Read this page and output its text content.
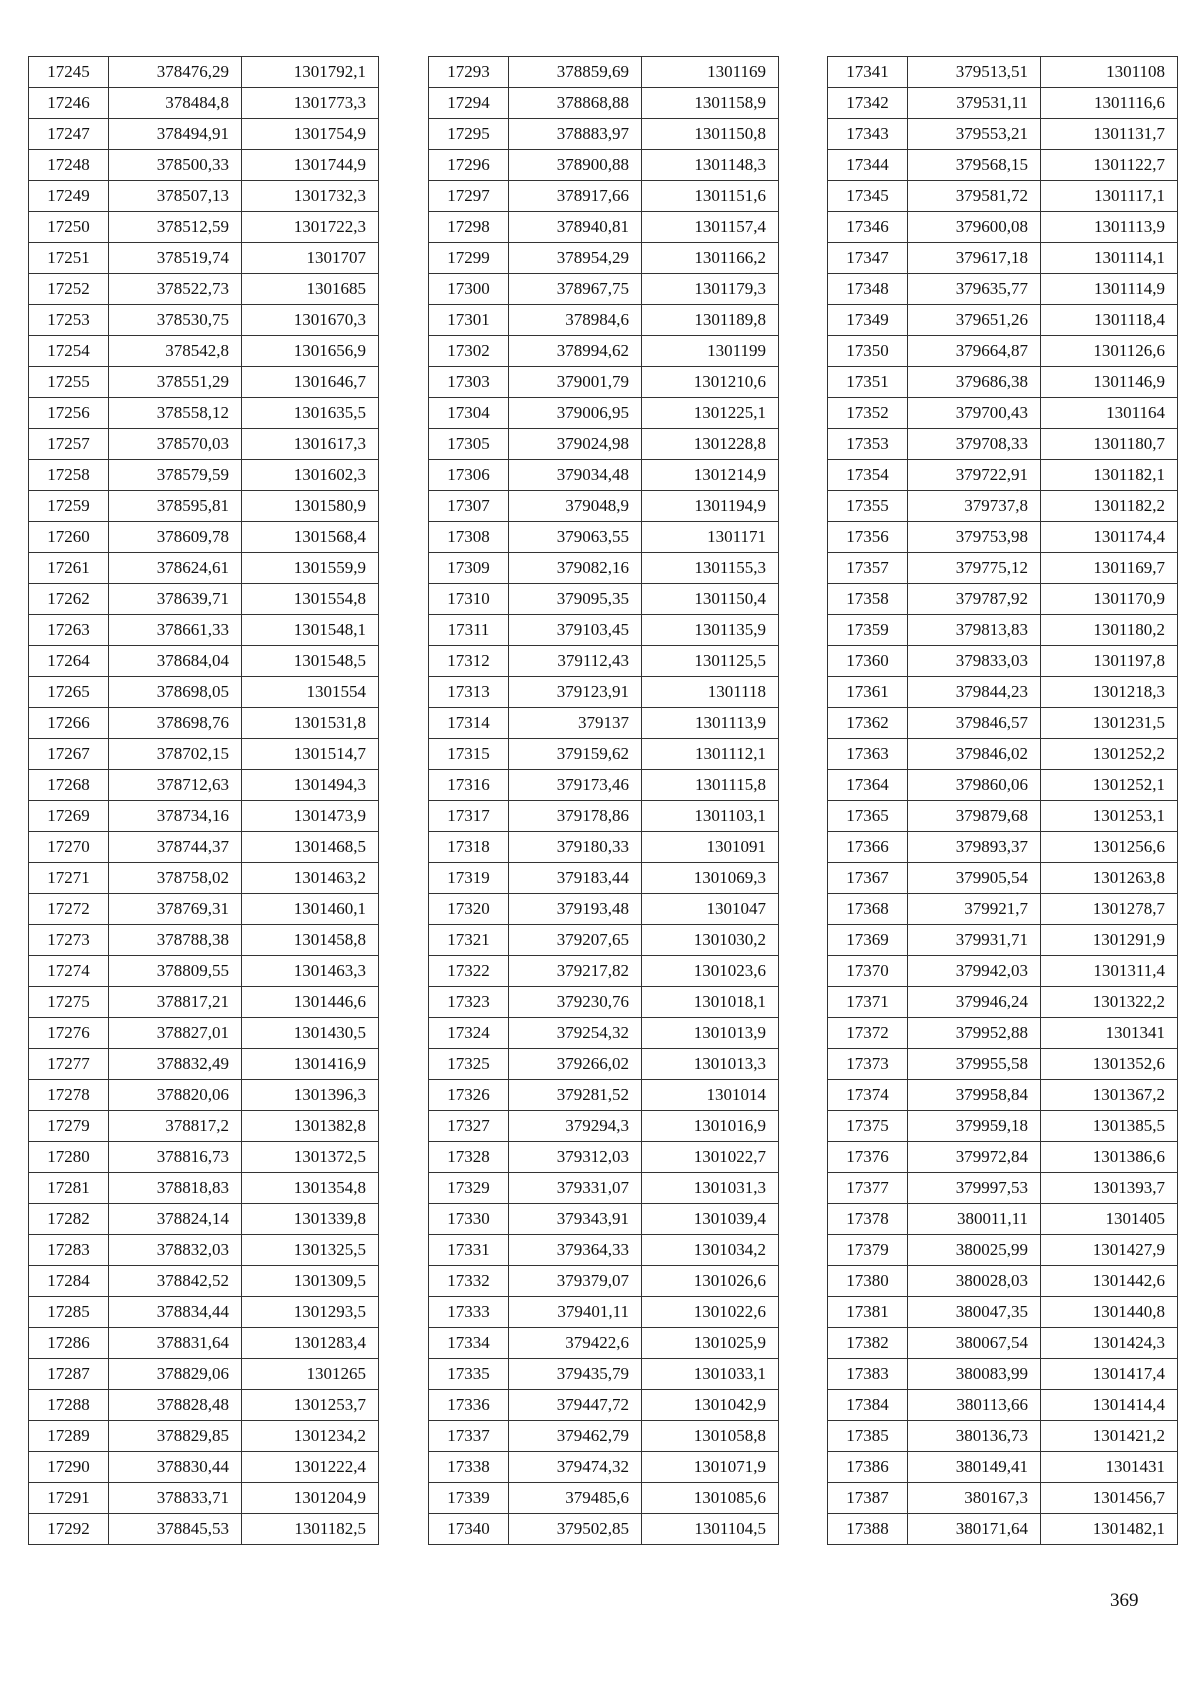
17245	378476,29	1301792,1
17246	378484,8	1301773,3
17247	378494,91	1301754,9
17248	378500,33	1301744,9
17249	378507,13	1301732,3
17250	378512,59	1301722,3
17251	378519,74	1301707
17252	378522,73	1301685
17253	378530,75	1301670,3
17254	378542,8	1301656,9
17255	378551,29	1301646,7
17256	378558,12	1301635,5
17257	378570,03	1301617,3
17258	378579,59	1301602,3
17259	378595,81	1301580,9
17260	378609,78	1301568,4
17261	378624,61	1301559,9
17262	378639,71	1301554,8
17263	378661,33	1301548,1
17264	378684,04	1301548,5
17265	378698,05	1301554
17266	378698,76	1301531,8
17267	378702,15	1301514,7
17268	378712,63	1301494,3
17269	378734,16	1301473,9
17270	378744,37	1301468,5
17271	378758,02	1301463,2
17272	378769,31	1301460,1
17273	378788,38	1301458,8
17274	378809,55	1301463,3
17275	378817,21	1301446,6
17276	378827,01	1301430,5
17277	378832,49	1301416,9
17278	378820,06	1301396,3
17279	378817,2	1301382,8
17280	378816,73	1301372,5
17281	378818,83	1301354,8
17282	378824,14	1301339,8
17283	378832,03	1301325,5
17284	378842,52	1301309,5
17285	378834,44	1301293,5
17286	378831,64	1301283,4
17287	378829,06	1301265
17288	378828,48	1301253,7
17289	378829,85	1301234,2
17290	378830,44	1301222,4
17291	378833,71	1301204,9
17292	378845,53	1301182,5
17293	378859,69	1301169
17294	378868,88	1301158,9
17295	378883,97	1301150,8
17296	378900,88	1301148,3
17297	378917,66	1301151,6
17298	378940,81	1301157,4
17299	378954,29	1301166,2
17300	378967,75	1301179,3
17301	378984,6	1301189,8
17302	378994,62	1301199
17303	379001,79	1301210,6
17304	379006,95	1301225,1
17305	379024,98	1301228,8
17306	379034,48	1301214,9
17307	379048,9	1301194,9
17308	379063,55	1301171
17309	379082,16	1301155,3
17310	379095,35	1301150,4
17311	379103,45	1301135,9
17312	379112,43	1301125,5
17313	379123,91	1301118
17314	379137	1301113,9
17315	379159,62	1301112,1
17316	379173,46	1301115,8
17317	379178,86	1301103,1
17318	379180,33	1301091
17319	379183,44	1301069,3
17320	379193,48	1301047
17321	379207,65	1301030,2
17322	379217,82	1301023,6
17323	379230,76	1301018,1
17324	379254,32	1301013,9
17325	379266,02	1301013,3
17326	379281,52	1301014
17327	379294,3	1301016,9
17328	379312,03	1301022,7
17329	379331,07	1301031,3
17330	379343,91	1301039,4
17331	379364,33	1301034,2
17332	379379,07	1301026,6
17333	379401,11	1301022,6
17334	379422,6	1301025,9
17335	379435,79	1301033,1
17336	379447,72	1301042,9
17337	379462,79	1301058,8
17338	379474,32	1301071,9
17339	379485,6	1301085,6
17340	379502,85	1301104,5
17341	379513,51	1301108
17342	379531,11	1301116,6
17343	379553,21	1301131,7
17344	379568,15	1301122,7
17345	379581,72	1301117,1
17346	379600,08	1301113,9
17347	379617,18	1301114,1
17348	379635,77	1301114,9
17349	379651,26	1301118,4
17350	379664,87	1301126,6
17351	379686,38	1301146,9
17352	379700,43	1301164
17353	379708,33	1301180,7
17354	379722,91	1301182,1
17355	379737,8	1301182,2
17356	379753,98	1301174,4
17357	379775,12	1301169,7
17358	379787,92	1301170,9
17359	379813,83	1301180,2
17360	379833,03	1301197,8
17361	379844,23	1301218,3
17362	379846,57	1301231,5
17363	379846,02	1301252,2
17364	379860,06	1301252,1
17365	379879,68	1301253,1
17366	379893,37	1301256,6
17367	379905,54	1301263,8
17368	379921,7	1301278,7
17369	379931,71	1301291,9
17370	379942,03	1301311,4
17371	379946,24	1301322,2
17372	379952,88	1301341
17373	379955,58	1301352,6
17374	379958,84	1301367,2
17375	379959,18	1301385,5
17376	379972,84	1301386,6
17377	379997,53	1301393,7
17378	380011,11	1301405
17379	380025,99	1301427,9
17380	380028,03	1301442,6
17381	380047,35	1301440,8
17382	380067,54	1301424,3
17383	380083,99	1301417,4
17384	380113,66	1301414,4
17385	380136,73	1301421,2
17386	380149,41	1301431
17387	380167,3	1301456,7
17388	380171,64	1301482,1
369
